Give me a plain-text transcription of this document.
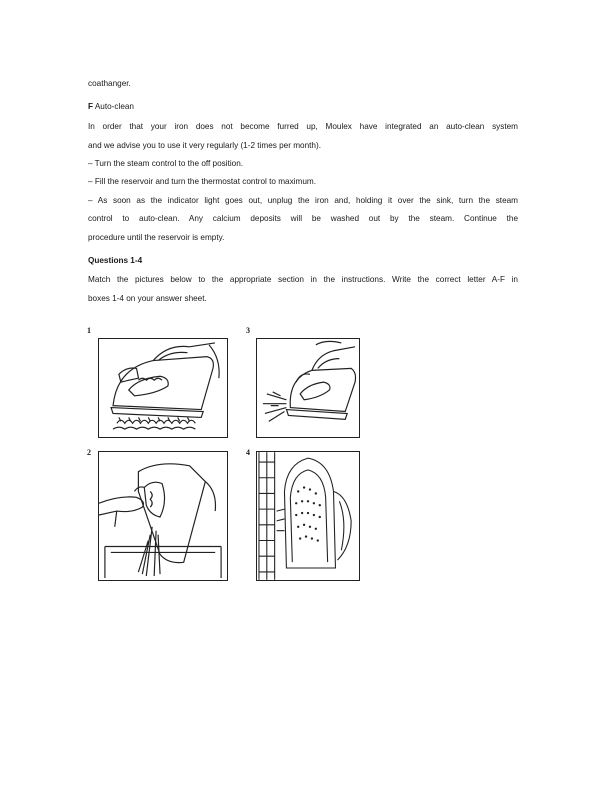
coathanger.
F Auto-clean
In order that your iron does not become furred up, Moulex have integrated an auto-clean system
and we advise you to use it very regularly (1-2 times per month).
– Turn the steam control to the off position.
– Fill the reservoir and turn the thermostat control to maximum.
– As soon as the indicator light goes out, unplug the iron and, holding it over the sink, turn the steam
control to auto-clean. Any calcium deposits will be washed out by the steam. Continue the
procedure until the reservoir is empty.
Questions 1-4
Match the pictures below to the appropriate section in the instructions. Write the correct letter A-F in
boxes 1-4 on your answer sheet.
1	3
2	4
